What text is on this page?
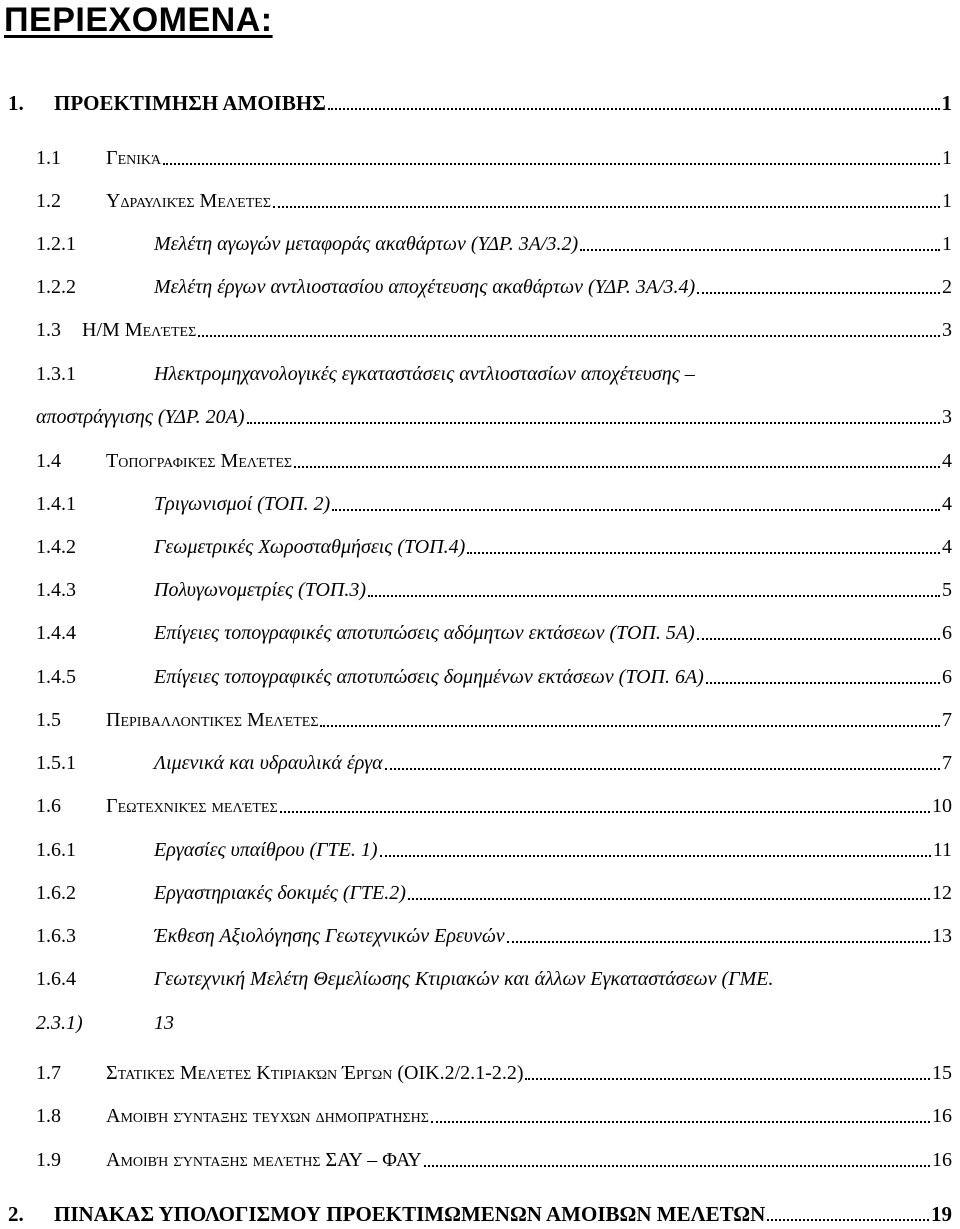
ΠΕΡΙΕΧΟΜΕΝΑ:
1.	ΠΡΟΕΚΤΙΜΗΣΗ ΑΜΟΙΒΗΣ	1
1.1	Γενικά	1
1.2	Υδραυλικές Μελέτες	1
1.2.1	Μελέτη αγωγών μεταφοράς ακαθάρτων (ΥΔΡ. 3Α/3.2)	1
1.2.2	Μελέτη έργων αντλιοστασίου αποχέτευσης ακαθάρτων (ΥΔΡ. 3Α/3.4)	2
1.3	Η/Μ Μελέτες	3
1.3.1	Ηλεκτρομηχανολογικές εγκαταστάσεις αντλιοστασίων αποχέτευσης –
αποστράγγισης (ΥΔΡ. 20Α)	3
1.4	Τοπογραφικές Μελέτες	4
1.4.1	Τριγωνισμοί (ΤΟΠ. 2)	4
1.4.2	Γεωμετρικές Χωροσταθμήσεις (ΤΟΠ.4)	4
1.4.3	Πολυγωνομετρίες (ΤΟΠ.3)	5
1.4.4	Επίγειες τοπογραφικές αποτυπώσεις αδόμητων εκτάσεων (ΤΟΠ. 5Α)	6
1.4.5	Επίγειες τοπογραφικές αποτυπώσεις δομημένων εκτάσεων (ΤΟΠ. 6Α)	6
1.5	Περιβαλλοντικές Μελέτες	7
1.5.1	Λιμενικά και υδραυλικά έργα	7
1.6	Γεωτεχνικές μελέτες	10
1.6.1	Εργασίες υπαίθρου (ΓΤΕ. 1)	11
1.6.2	Εργαστηριακές δοκιμές (ΓΤΕ.2)	12
1.6.3	Έκθεση Αξιολόγησης Γεωτεχνικών Ερευνών	13
1.6.4	Γεωτεχνική Μελέτη Θεμελίωσης Κτιριακών και άλλων Εγκαταστάσεων (ΓΜΕ.
2.3.1)	13
1.7	Στατικές Μελέτες Κτιριακών Έργων (ΟΙΚ.2/2.1-2.2)	15
1.8	Αμοιβή σύνταξης τευχών δημοπράτησης	16
1.9	Αμοιβή σύνταξης μελέτης ΣΑΥ – ΦΑΥ	16
2.	ΠΙΝΑΚΑΣ ΥΠΟΛΟΓΙΣΜΟΥ ΠΡΟΕΚΤΙΜΩΜΕΝΩΝ ΑΜΟΙΒΩΝ ΜΕΛΕΤΩΝ	19
